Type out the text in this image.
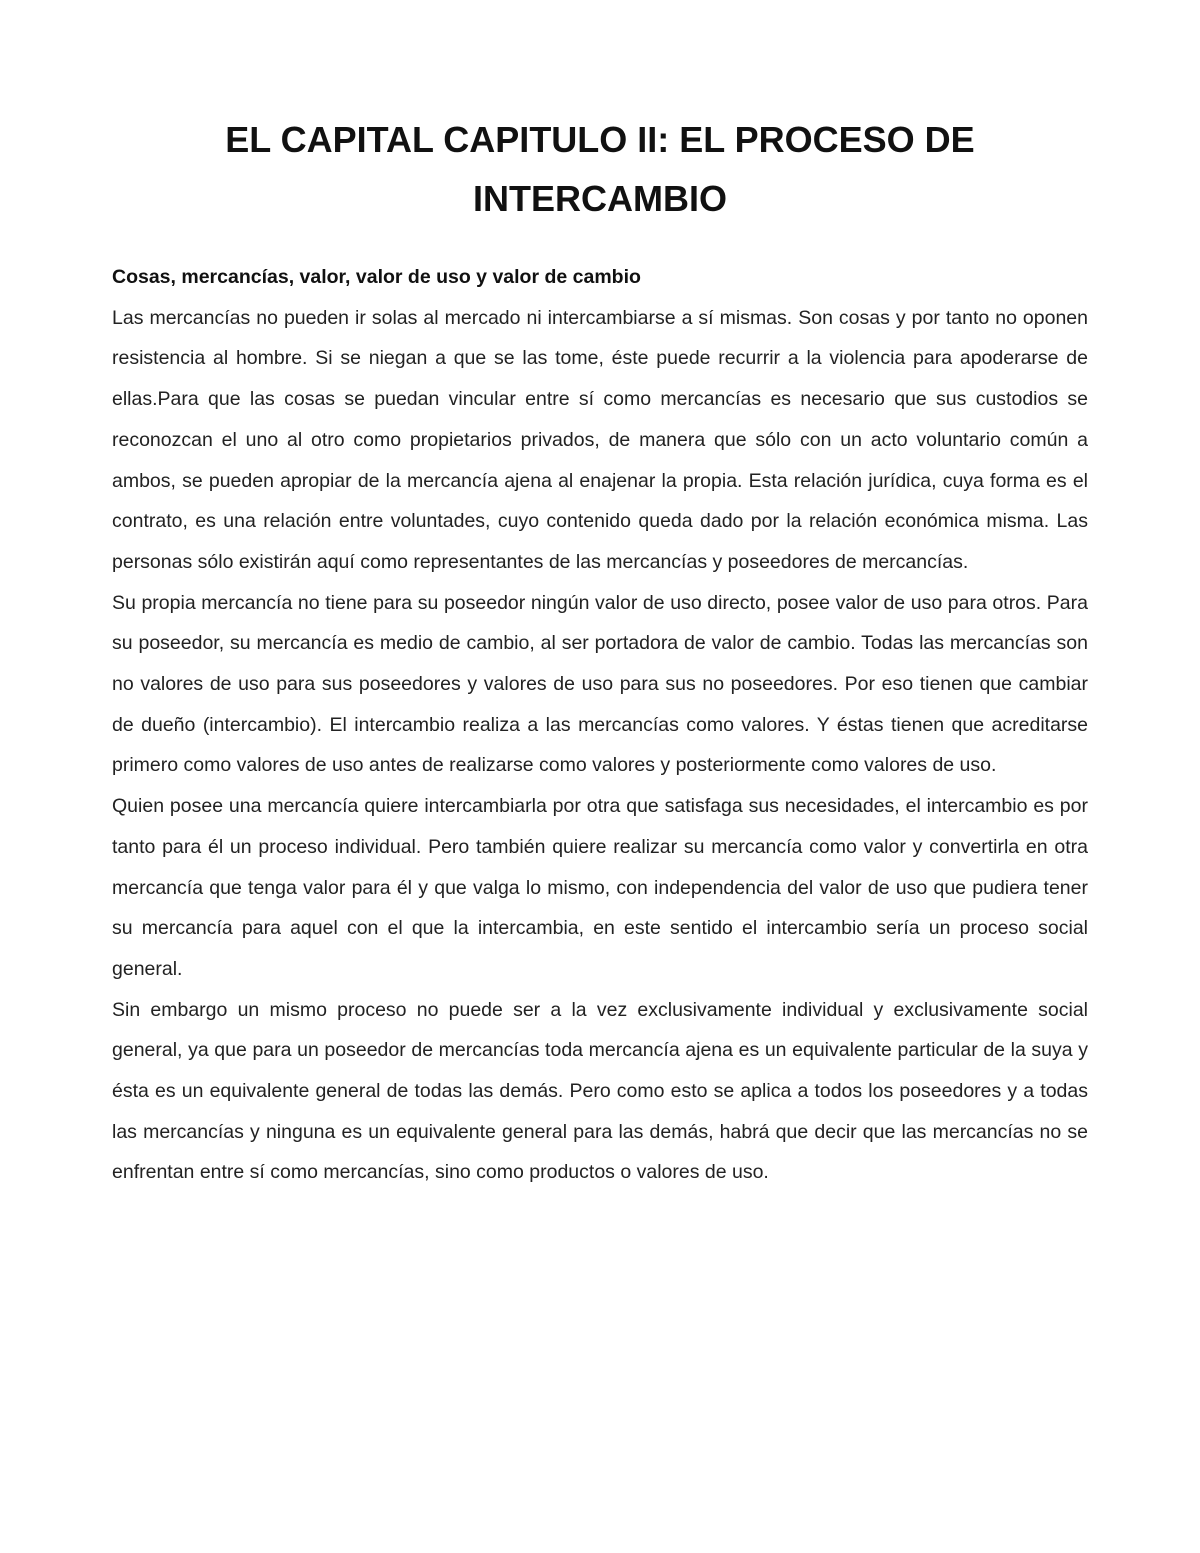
EL CAPITAL CAPITULO II: EL PROCESO DE INTERCAMBIO
Cosas, mercancías, valor, valor de uso y valor de cambio

Las mercancías no pueden ir solas al mercado ni intercambiarse a sí mismas. Son cosas y por tanto no oponen resistencia al hombre. Si se niegan a que se las tome, éste puede recurrir a la violencia para apoderarse de ellas.Para que las cosas se puedan vincular entre sí como mercancías es necesario que sus custodios se reconozcan el uno al otro como propietarios privados, de manera que sólo con un acto voluntario común a ambos, se pueden apropiar de la mercancía ajena al enajenar la propia. Esta relación jurídica, cuya forma es el contrato, es una relación entre voluntades, cuyo contenido queda dado por la relación económica misma. Las personas sólo existirán aquí como representantes de las mercancías y poseedores de mercancías.

Su propia mercancía no tiene para su poseedor ningún valor de uso directo, posee valor de uso para otros. Para su poseedor, su mercancía es medio de cambio, al ser portadora de valor de cambio. Todas las mercancías son no valores de uso para sus poseedores y valores de uso para sus no poseedores. Por eso tienen que cambiar de dueño (intercambio). El intercambio realiza a las mercancías como valores. Y éstas tienen que acreditarse primero como valores de uso antes de realizarse como valores y posteriormente como valores de uso.

Quien posee una mercancía quiere intercambiarla por otra que satisfaga sus necesidades, el intercambio es por tanto para él un proceso individual. Pero también quiere realizar su mercancía como valor y convertirla en otra mercancía que tenga valor para él y que valga lo mismo, con independencia del valor de uso que pudiera tener su mercancía para aquel con el que la intercambia, en este sentido el intercambio sería un proceso social general.

Sin embargo un mismo proceso no puede ser a la vez exclusivamente individual y exclusivamente social general, ya que para un poseedor de mercancías toda mercancía ajena es un equivalente particular de la suya y ésta es un equivalente general de todas las demás. Pero como esto se aplica a todos los poseedores y a todas las mercancías y ninguna es un equivalente general para las demás, habrá que decir que las mercancías no se enfrentan entre sí como mercancías, sino como productos o valores de uso.
